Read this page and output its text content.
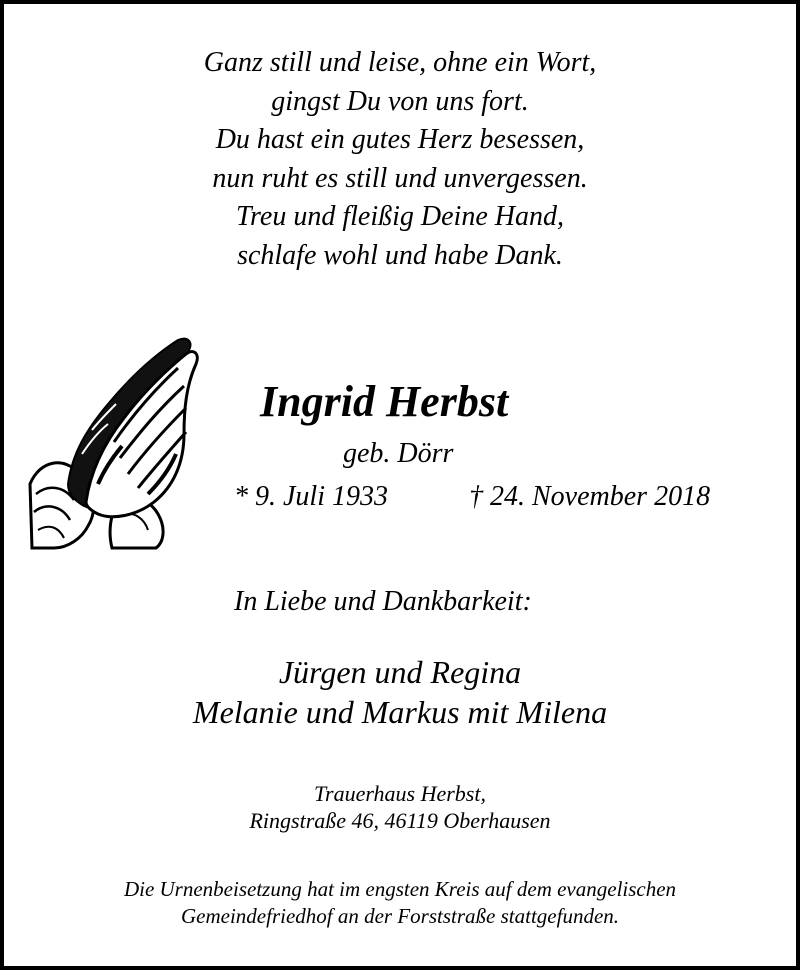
Ganz still und leise, ohne ein Wort,
gingst Du von uns fort.
Du hast ein gutes Herz besessen,
nun ruht es still und unvergessen.
Treu und fleißig Deine Hand,
schlafe wohl und habe Dank.

Ingrid Herbst

geb. Dörr

* 9. Juli 1933	† 24. November 2018

In Liebe und Dankbarkeit:

Jürgen und Regina
Melanie und Markus mit Milena

Trauerhaus Herbst,
Ringstraße 46, 46119 Oberhausen

Die Urnenbeisetzung hat im engsten Kreis auf dem evangelischen
Gemeindefriedhof an der Forststraße stattgefunden.
